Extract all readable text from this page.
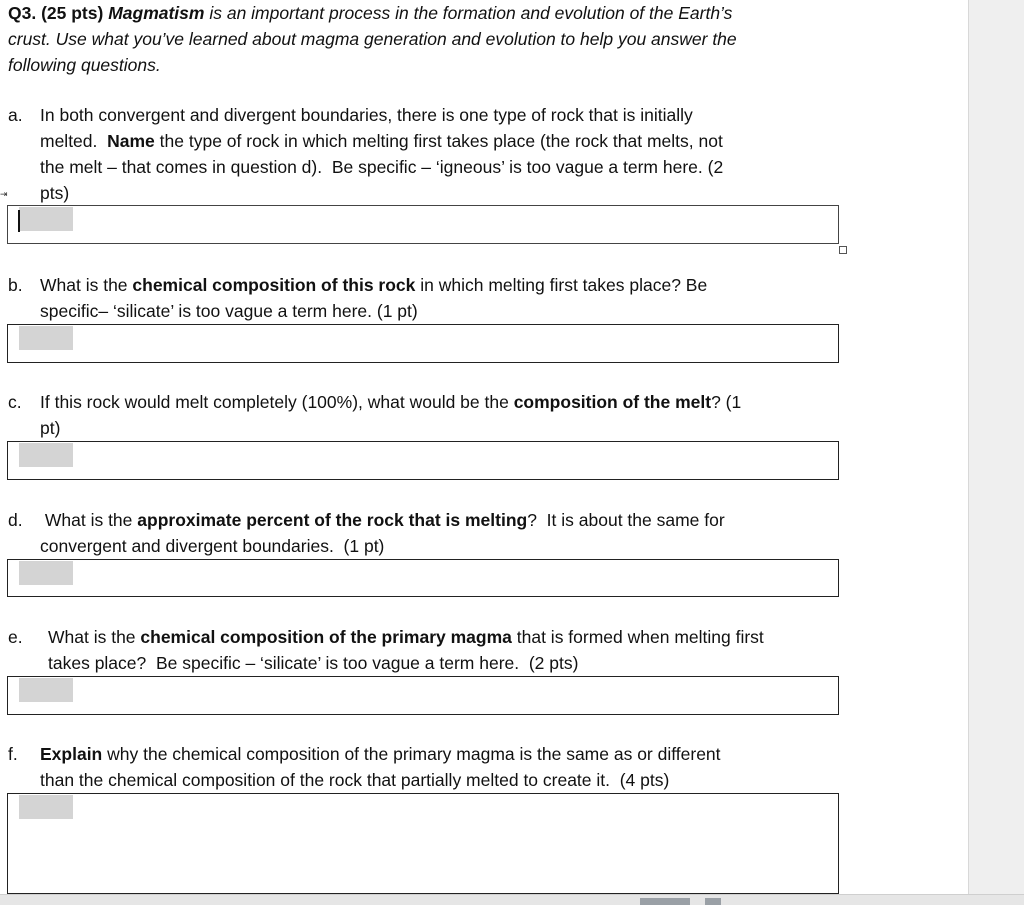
Q3. (25 pts) Magmatism is an important process in the formation and evolution of the Earth’s
crust. Use what you’ve learned about magma generation and evolution to help you answer the
following questions.
⇥
a. In both convergent and divergent boundaries, there is one type of rock that is initially
melted.  Name the type of rock in which melting first takes place (the rock that melts, not
the melt – that comes in question d).  Be specific – ‘igneous’ is too vague a term here. (2
pts)
b. What is the chemical composition of this rock in which melting first takes place? Be
specific– ‘silicate’ is too vague a term here. (1 pt)
c. If this rock would melt completely (100%), what would be the composition of the melt? (1
pt)
d. What is the approximate percent of the rock that is melting?  It is about the same for
convergent and divergent boundaries.  (1 pt)
e. What is the chemical composition of the primary magma that is formed when melting first
takes place?  Be specific – ‘silicate’ is too vague a term here.  (2 pts)
f. Explain why the chemical composition of the primary magma is the same as or different
than the chemical composition of the rock that partially melted to create it.  (4 pts)
